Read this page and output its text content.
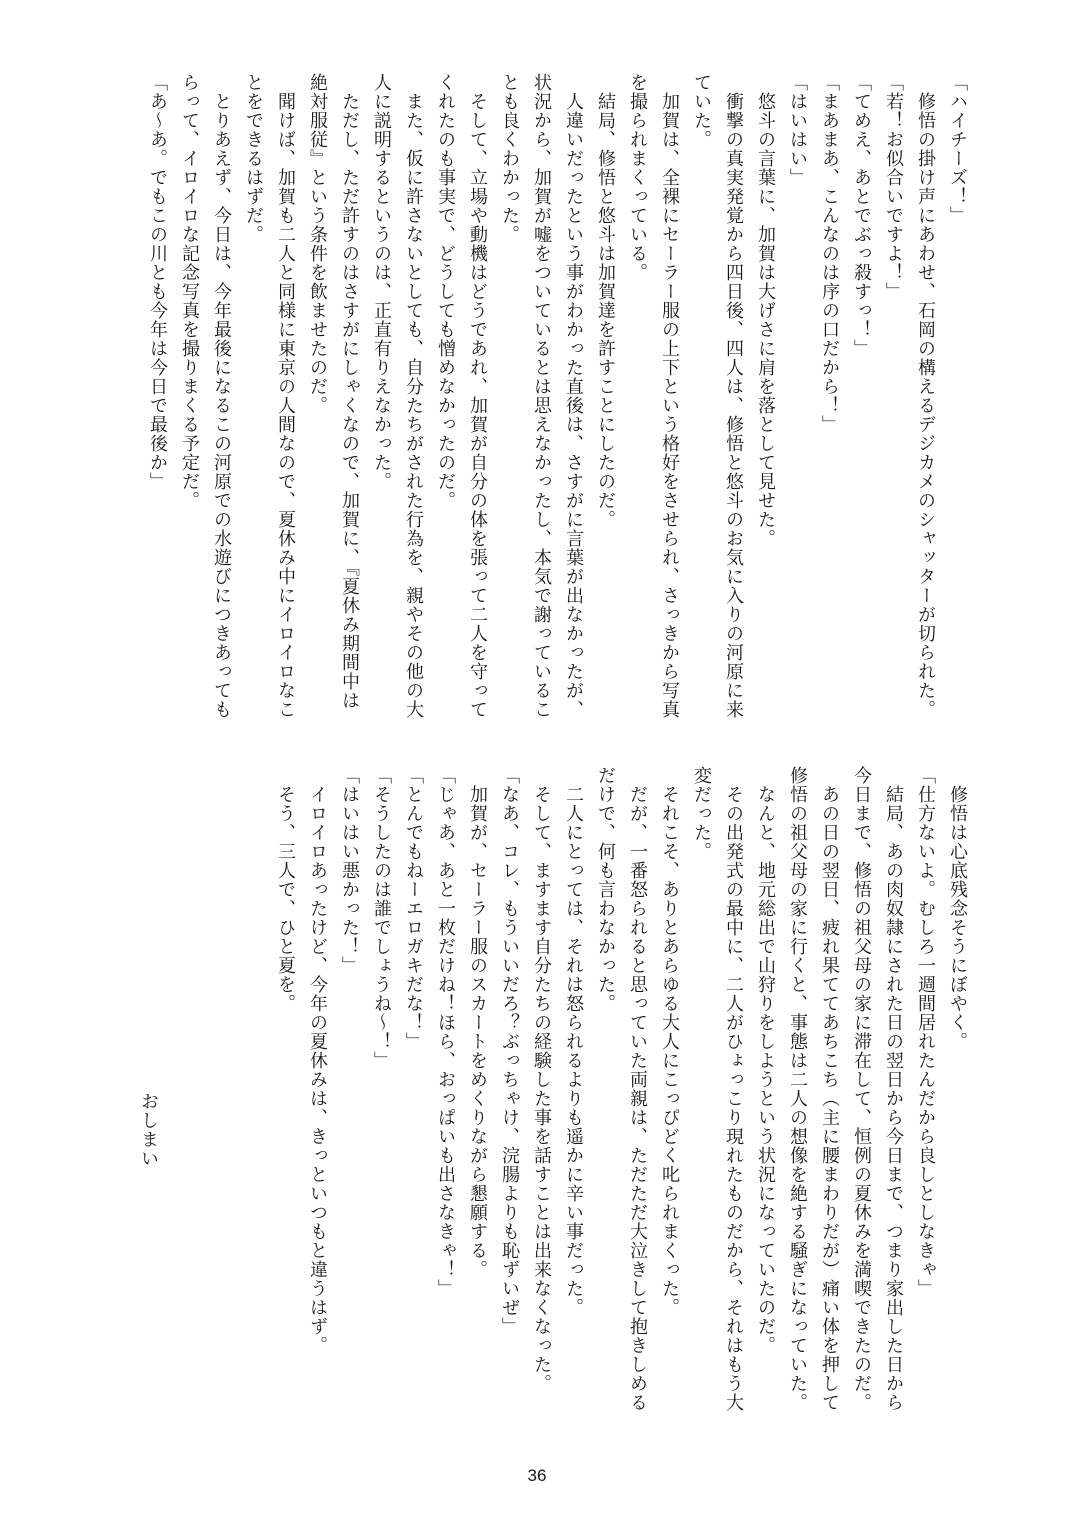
「ハイチーズ！」
　修悟の掛け声にあわせ、石岡の構えるデジカメのシャッターが切られた。
「若！お似合いですよ！」
「てめえ、あとでぶっ殺すっ！」
「まあまあ、こんなのは序の口だから！」
「はいはい」
　悠斗の言葉に、加賀は大げさに肩を落として見せた。
　衝撃の真実発覚から四日後、四人は、修悟と悠斗のお気に入りの河原に来
ていた。
　加賀は、全裸にセーラー服の上下という格好をさせられ、さっきから写真
を撮られまくっている。
　結局、修悟と悠斗は加賀達を許すことにしたのだ。
　人違いだったという事がわかった直後は、さすがに言葉が出なかったが、
状況から、加賀が嘘をついているとは思えなかったし、本気で謝っているこ
とも良くわかった。
　そして、立場や動機はどうであれ、加賀が自分の体を張って二人を守って
くれたのも事実で、どうしても憎めなかったのだ。
　また、仮に許さないとしても、自分たちがされた行為を、親やその他の大
人に説明するというのは、正直有りえなかった。
　ただし、ただ許すのはさすがにしゃくなので、加賀に、『夏休み期間中は
絶対服従』という条件を飲ませたのだ。
　聞けば、加賀も二人と同様に東京の人間なので、夏休み中にイロイロなこ
とをできるはずだ。
　とりあえず、今日は、今年最後になるこの河原での水遊びにつきあっても
らって、イロイロな記念写真を撮りまくる予定だ。
「あ〜あ。でもこの川とも今年は今日で最後か」
　修悟は心底残念そうにぼやく。
「仕方ないよ。むしろ一週間居れたんだから良しとしなきゃ」
　結局、あの肉奴隷にされた日の翌日から今日まで、つまり家出した日から
今日まで、修悟の祖父母の家に滞在して、恒例の夏休みを満喫できたのだ。
　あの日の翌日、疲れ果ててあちこち（主に腰まわりだが）痛い体を押して
修悟の祖父母の家に行くと、事態は二人の想像を絶する騒ぎになっていた。
　なんと、地元総出で山狩りをしようという状況になっていたのだ。
　その出発式の最中に、二人がひょっこり現れたものだから、それはもう大
変だった。
　それこそ、ありとあらゆる大人にこっぴどく叱られまくった。
　だが、一番怒られると思っていた両親は、ただただ大泣きして抱きしめる
だけで、何も言わなかった。
　二人にとっては、それは怒られるよりも遥かに辛い事だった。
　そして、ますます自分たちの経験した事を話すことは出来なくなった。
「なあ、コレ、もういいだろ？ぶっちゃけ、浣腸よりも恥ずいぜ」
　加賀が、セーラー服のスカートをめくりながら懇願する。
「じゃあ、あと一枚だけね！ほら、おっぱいも出さなきゃ！」
「とんでもねーエロガキだな！」
「そうしたのは誰でしょうね〜！」
「はいはい悪かった！」
　イロイロあったけど、今年の夏休みは、きっといつもと違うはず。
　そう、三人で、ひと夏を。
おしまい
36
